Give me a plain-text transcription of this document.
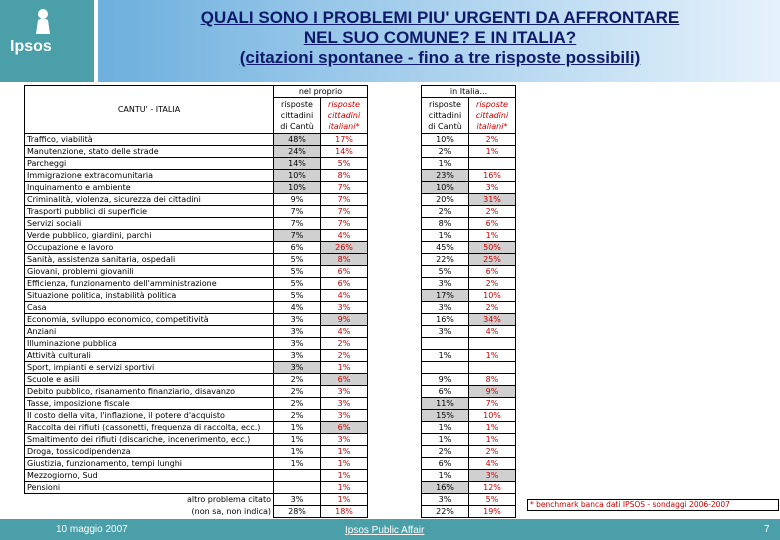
Ipsos
QUALI SONO I PROBLEMI PIU' URGENTI DA AFFRONTARE
NEL SUO COMUNE? E IN ITALIA?
(citazioni spontanee - fino a tre risposte possibili)
CANTU' - ITALIA	nel proprio			in Italia...	
	risposte
cittadini
di Cantù	risposte
cittadini
italiani*		risposte
cittadini
di Cantù	risposte
cittadini
italiani*
Traffico, viabilità	48%	17%		10%	2%
Manutenzione, stato delle strade	24%	14%		2%	1%
Parcheggi	14%	5%		1%	
Immigrazione extracomunitaria	10%	8%		23%	16%
Inquinamento e ambiente	10%	7%		10%	3%
Criminalità, violenza, sicurezza dei cittadini	9%	7%		20%	31%
Trasporti pubblici di superficie	7%	7%		2%	2%
Servizi sociali	7%	7%		8%	6%
Verde pubblico, giardini, parchi	7%	4%		1%	1%
Occupazione e lavoro	6%	26%		45%	50%
Sanità, assistenza sanitaria, ospedali	5%	8%		22%	25%
Giovani, problemi giovanili	5%	6%		5%	6%
Efficienza, funzionamento dell'amministrazione	5%	6%		3%	2%
Situazione politica, instabilità politica	5%	4%		17%	10%
Casa	4%	3%		3%	2%
Economia, sviluppo economico, competitività	3%	9%		16%	34%
Anziani	3%	4%		3%	4%
Illuminazione pubblica	3%	2%			
Attività culturali	3%	2%		1%	1%
Sport, impianti e servizi sportivi	3%	1%			
Scuole e asili	2%	6%		9%	8%
Debito pubblico, risanamento finanziario, disavanzo	2%	3%		6%	9%
Tasse, imposizione fiscale	2%	3%		11%	7%
Il costo della vita, l'inflazione, il potere d'acquisto	2%	3%		15%	10%
Raccolta dei rifiuti (cassonetti, frequenza di raccolta, ecc.)	1%	6%		1%	1%
Smaltimento dei rifiuti (discariche, incenerimento, ecc.)	1%	3%		1%	1%
Droga, tossicodipendenza	1%	1%		2%	2%
Giustizia, funzionamento, tempi lunghi	1%	1%		6%	4%
Mezzogiorno, Sud		1%		1%	3%
Pensioni		1%		16%	12%
altro problema citato	3%	1%		3%	5%
(non sa, non indica)	28%	18%		22%	19%
* benchmark banca dati IPSOS - sondaggi 2006-2007
10 maggio 2007	Ipsos Public Affair	7
